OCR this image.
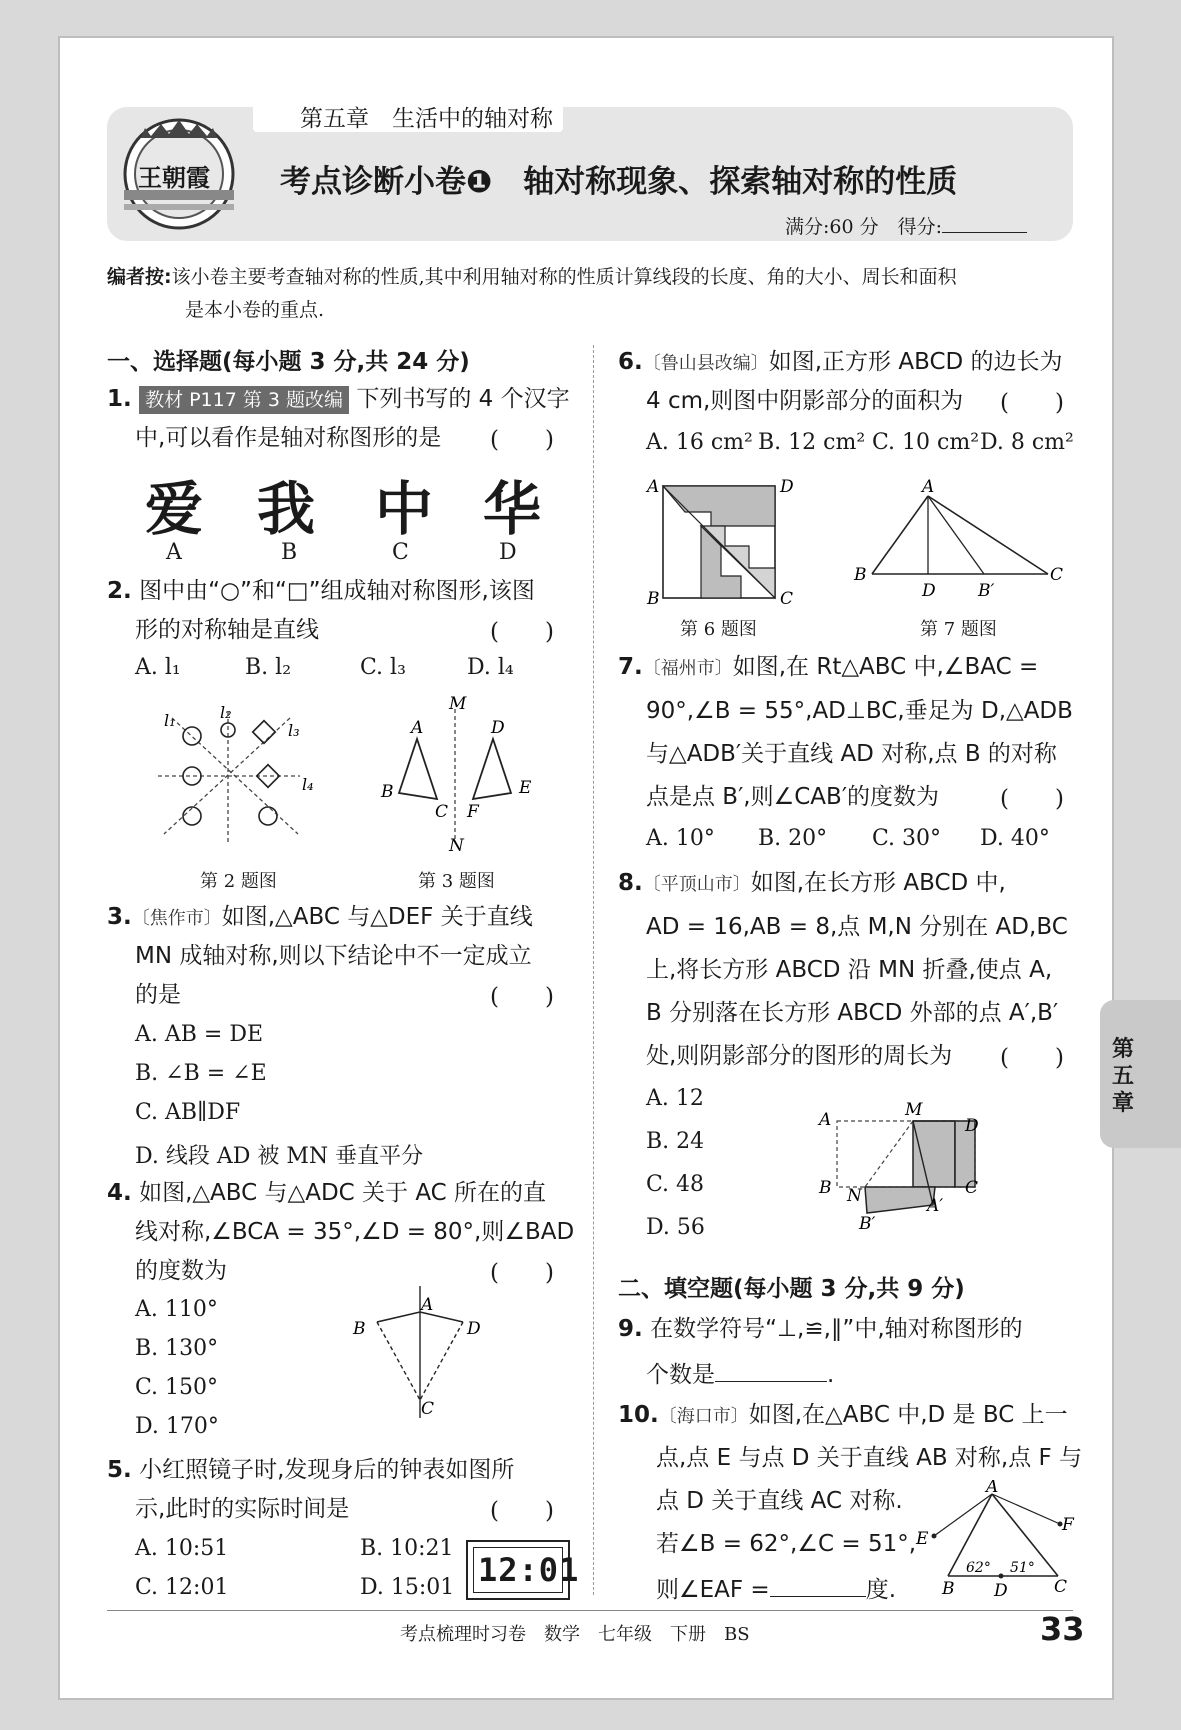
王朝霞
第五章　生活中的轴对称
考点诊断小卷❶　轴对称现象、探索轴对称的性质
满分:60 分　得分:
编者按:该小卷主要考查轴对称的性质,其中利用轴对称的性质计算线段的长度、角的大小、周长和面积
是本小卷的重点.
一、选择题(每小题 3 分,共 24 分)
1. 教材 P117 第 3 题改编 下列书写的 4 个汉字
中,可以看作是轴对称图形的是 (　　)
爱 我 中 华
A	B	C	D
2. 图中由“○”和“□”组成轴对称图形,该图
形的对称轴是直线	(　　)
A. l₁	B. l₂	C. l₃	D. l₄
l₁	l₂
l₃
l₄
第 2 题图
M
A	D
B	E
C F
N
第 3 题图
3.〔焦作市〕如图,△ABC 与△DEF 关于直线
MN 成轴对称,则以下结论中不一定成立
的是	(　　)
A. AB = DE
B. ∠B = ∠E
C. AB∥DF
D. 线段 AD 被 MN 垂直平分
4. 如图,△ABC 与△ADC 关于 AC 所在的直
线对称,∠BCA = 35°,∠D = 80°,则∠BAD
的度数为	(　　)
A. 110°
B. 130°
C. 150°
D. 170°
A
B	D
C
5. 小红照镜子时,发现身后的钟表如图所
示,此时的实际时间是	(　　)
A. 10:51	B. 10:21
C. 12:01	D. 15:01 12:01
6.〔鲁山县改编〕如图,正方形 ABCD 的边长为
4 cm,则图中阴影部分的面积为 (　　)
A. 16 cm² B. 12 cm² C. 10 cm² D. 8 cm²
A	D
B	C
第 6 题图
A
B
D B′
C
第 7 题图
7.〔福州市〕如图,在 Rt△ABC 中,∠BAC =
90°,∠B = 55°,AD⊥BC,垂足为 D,△ADB
与△ADB′关于直线 AD 对称,点 B 的对称
点是点 B′,则∠CAB′的度数为	(　　)
A. 10° B. 20° C. 30° D. 40°
8.〔平顶山市〕如图,在长方形 ABCD 中,
AD = 16,AB = 8,点 M,N 分别在 AD,BC
上,将长方形 ABCD 沿 MN 折叠,使点 A,
B 分别落在长方形 ABCD 外部的点 A′,B′
处,则阴影部分的图形的周长为 (　　)
A. 12
B. 24
C. 48
D. 56
A	M
D
B N	C
A′
B′
二、填空题(每小题 3 分,共 9 分)
9. 在数学符号“⊥,≌,∥”中,轴对称图形的
个数是	.
10.〔海口市〕如图,在△ABC 中,D 是 BC 上一
点,点 E 与点 D 关于直线 AB 对称,点 F 与
点 D 关于直线 AC 对称.
若∠B = 62°,∠C = 51°,
则∠EAF =	度.
A
E
F
B D	C
62° 51°
第
五
章
考点梳理时习卷　数学　七年级　下册　BS	33
